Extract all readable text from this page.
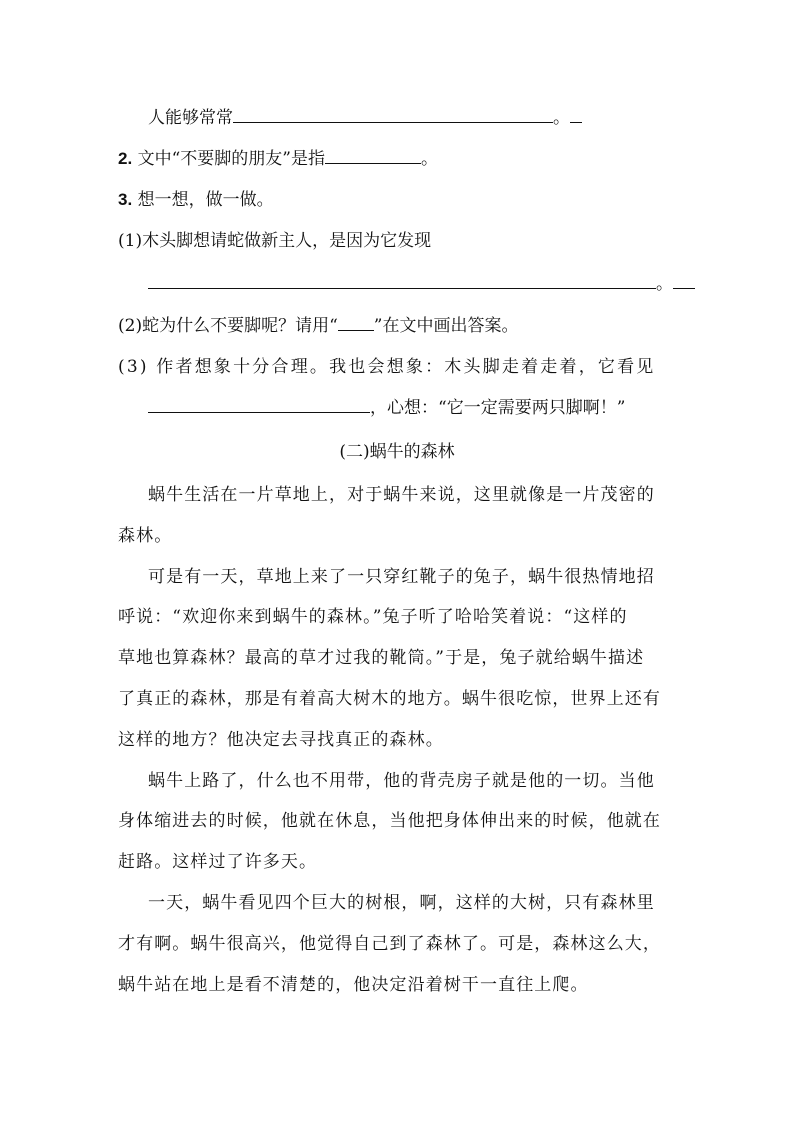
人能够常常	。
2. 文中“不要脚的朋友”是指	。
3. 想一想，做一做。
(1)木头脚想请蛇做新主人，是因为它发现
。
(2)蛇为什么不要脚呢？请用“ ”在文中画出答案。
(3) 作者想象十分合理。我也会想象：木头脚走着走着，它看见
，心想：“它一定需要两只脚啊！”
(二)蜗牛的森林
蜗牛生活在一片草地上，对于蜗牛来说，这里就像是一片茂密的
森林。
可是有一天，草地上来了一只穿红靴子的兔子，蜗牛很热情地招
呼说：“欢迎你来到蜗牛的森林。”兔子听了哈哈笑着说：“这样的
草地也算森林？最高的草才过我的靴筒。”于是，兔子就给蜗牛描述
了真正的森林，那是有着高大树木的地方。蜗牛很吃惊，世界上还有
这样的地方？他决定去寻找真正的森林。
蜗牛上路了，什么也不用带，他的背壳房子就是他的一切。当他
身体缩进去的时候，他就在休息，当他把身体伸出来的时候，他就在
赶路。这样过了许多天。
一天，蜗牛看见四个巨大的树根，啊，这样的大树，只有森林里
才有啊。蜗牛很高兴，他觉得自己到了森林了。可是，森林这么大，
蜗牛站在地上是看不清楚的，他决定沿着树干一直往上爬。
